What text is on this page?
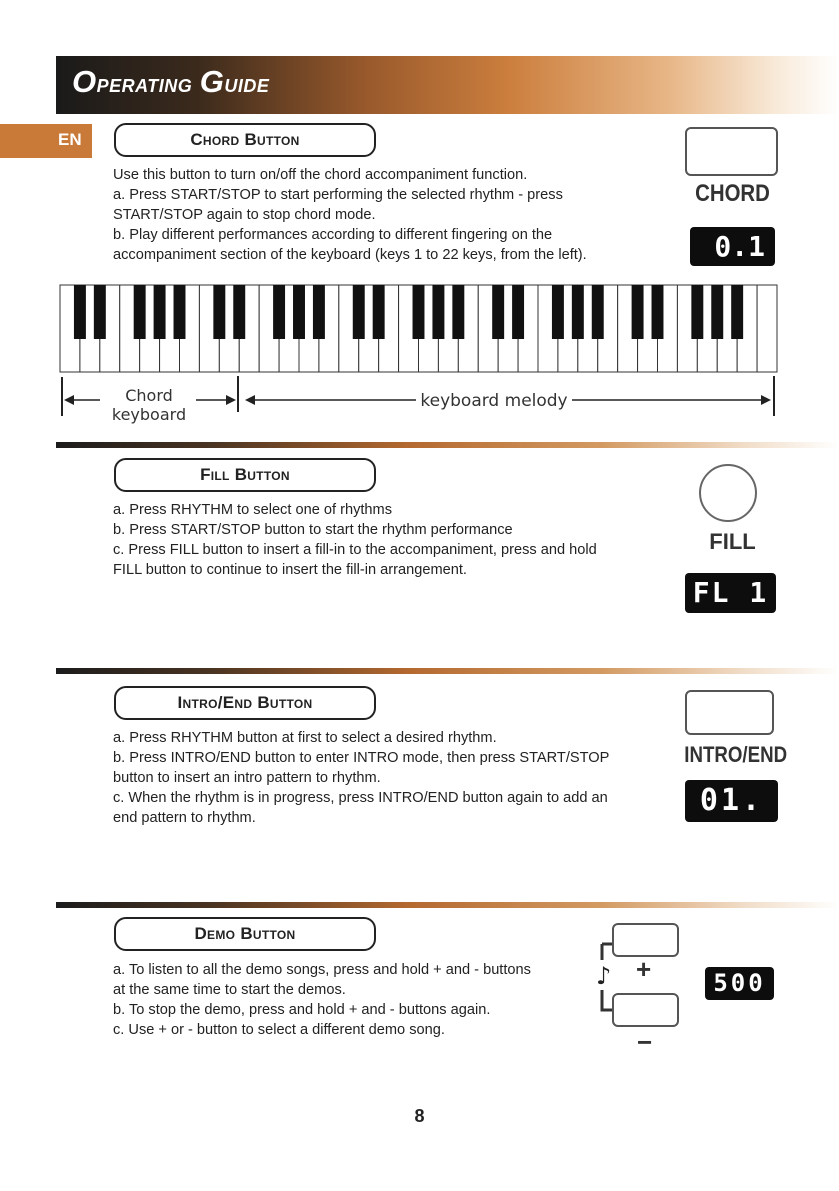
Operating Guide
EN	Chord Button
Use this button to turn on/off the chord accompaniment function.
a. Press START/STOP to start performing the selected rhythm - press
START/STOP again to stop chord mode.
b. Play different performances according to different fingering on the
accompaniment section of the keyboard (keys 1 to 22 keys, from the left).
CHORD
0.1
Chord
keyboard
keyboard melody
Fill Button
a. Press RHYTHM to select one of rhythms
b. Press START/STOP button to start the rhythm performance
c. Press FILL button to insert a fill-in to the accompaniment, press and hold
FILL button to continue to insert the fill-in arrangement.
FILL
FL 1
Intro/End Button
a. Press RHYTHM button at first to select a desired rhythm.
b. Press INTRO/END button to enter INTRO mode, then press START/STOP
button to insert an intro pattern to rhythm.
c. When the rhythm is in progress, press INTRO/END button again to add an
end pattern to rhythm.
INTRO/END
01.
Demo Button
a. To listen to all the demo songs, press and hold + and - buttons
at the same time to start the demos.
b. To stop the demo, press and hold + and - buttons again.
c. Use + or - button to select a different demo song.
♪ +
−
500
8
